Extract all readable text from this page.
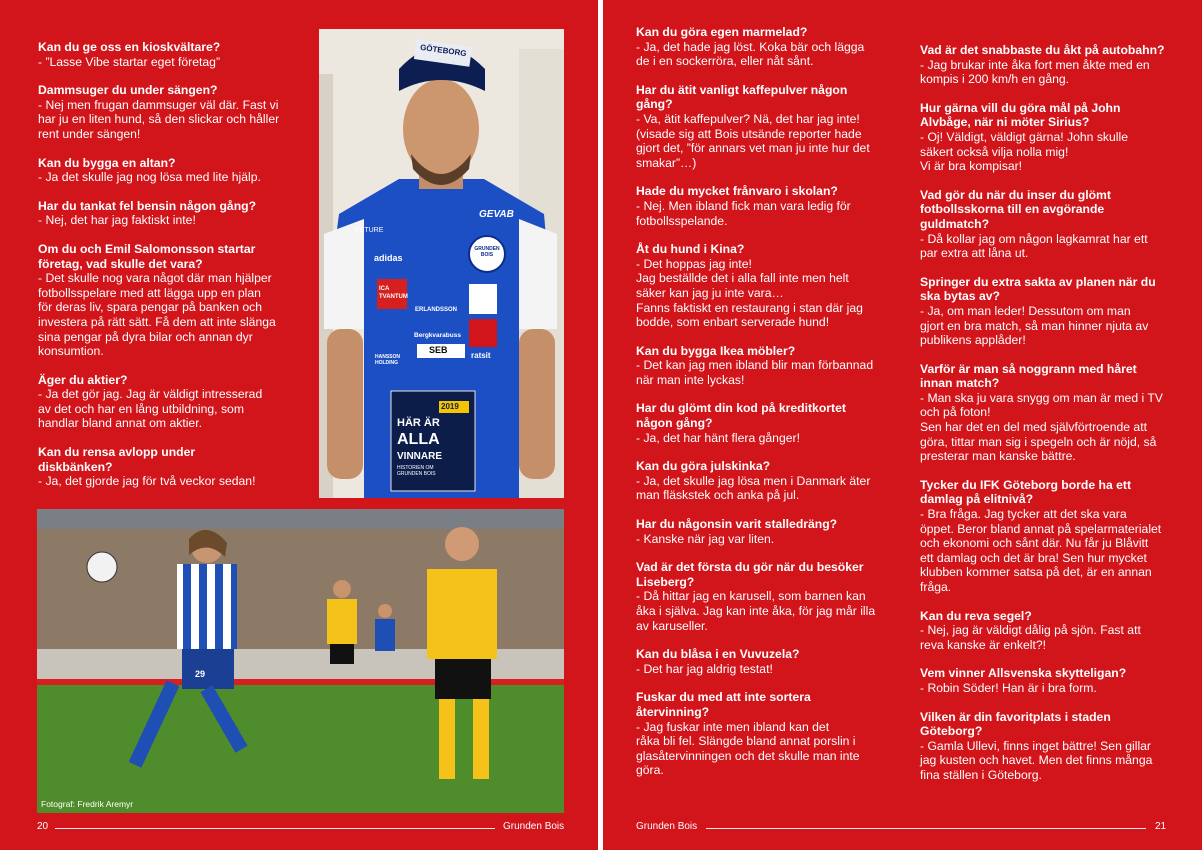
Kan du ge oss en kioskvältare?
- ”Lasse Vibe startar eget företag”
Dammsuger du under sängen?
- Nej men frugan dammsuger väl där. Fast vi
har ju en liten hund, så den slickar och håller
rent under sängen!
Kan du bygga en altan?
- Ja det skulle jag nog lösa med lite hjälp.
Har du tankat fel bensin någon gång?
- Nej, det har jag faktiskt inte!
Om du och Emil Salomonsson startar
företag, vad skulle det vara?
- Det skulle nog vara något där man hjälper
fotbollsspelare med att lägga upp en plan
för deras liv, spara pengar på banken och
investera på rätt sätt. Få dem att inte slänga
sina pengar på dyra bilar och annan dyr
konsumtion.
Äger du aktier?
- Ja det gör jag. Jag är väldigt intresserad
av det och har en lång utbildning, som
handlar bland annat om aktier.
Kan du rensa avlopp under
diskbänken?
- Ja, det gjorde jag för två veckor sedan!
GÖTEBORG
FUTURE
GEVAB
adidas
GRUNDEN
BOIS
ICA
TVANTUM
ERLANDSSON
HANSSON
HOLDING
Bergkvarabuss
SEB
ratsit
2019
HÄR ÄR
ALLA
VINNARE
HISTORIEN OM
GRUNDEN BOIS
29
Fotograf: Fredrik Aremyr
20	Grunden Bois
Kan du göra egen marmelad?
- Ja, det hade jag löst. Koka bär och lägga
de i en sockerröra, eller nåt sånt.
Har du ätit vanligt kaffepulver någon
gång?
- Va, ätit kaffepulver? Nä, det har jag inte!
(visade sig att Bois utsände reporter hade
gjort det, ”för annars vet man ju inte hur det
smakar”…)
Hade du mycket frånvaro i skolan?
- Nej. Men ibland fick man vara ledig för
fotbollsspelande.
Åt du hund i Kina?
- Det hoppas jag inte!
Jag beställde det i alla fall inte men helt
säker kan jag ju inte vara…
Fanns faktiskt en restaurang i stan där jag
bodde, som enbart serverade hund!
Kan du bygga Ikea möbler?
- Det kan jag men ibland blir man förbannad
när man inte lyckas!
Har du glömt din kod på kreditkortet
någon gång?
- Ja, det har hänt flera gånger!
Kan du göra julskinka?
- Ja, det skulle jag lösa men i Danmark äter
man fläskstek och anka på jul.
Har du någonsin varit stalledräng?
- Kanske när jag var liten.
Vad är det första du gör när du besöker
Liseberg?
- Då hittar jag en karusell, som barnen kan
åka i själva. Jag kan inte åka, för jag mår illa
av karuseller.
Kan du blåsa i en Vuvuzela?
- Det har jag aldrig testat!
Fuskar du med att inte sortera
återvinning?
- Jag fuskar inte men ibland kan det
råka bli fel. Slängde bland annat porslin i
glasåtervinningen och det skulle man inte
göra.
Vad är det snabbaste du åkt på autobahn?
- Jag brukar inte åka fort men åkte med en
kompis i 200 km/h en gång.
Hur gärna vill du göra mål på John
Alvbåge, när ni möter Sirius?
- Oj! Väldigt, väldigt gärna! John skulle
säkert också vilja nolla mig!
Vi är bra kompisar!
Vad gör du när du inser du glömt
fotbollsskorna till en avgörande
guldmatch?
- Då kollar jag om någon lagkamrat har ett
par extra att låna ut.
Springer du extra sakta av planen när du
ska bytas av?
- Ja, om man leder! Dessutom om man
gjort en bra match, så man hinner njuta av
publikens applåder!
Varför är man så noggrann med håret
innan match?
- Man ska ju vara snygg om man är med i TV
och på foton!
Sen har det en del med självförtroende att
göra, tittar man sig i spegeln och är nöjd, så
presterar man kanske bättre.
Tycker du IFK Göteborg borde ha ett
damlag på elitnivå?
- Bra fråga. Jag tycker att det ska vara
öppet. Beror bland annat på spelarmaterialet
och ekonomi och sånt där. Nu får ju Blåvitt
ett damlag och det är bra! Sen hur mycket
klubben kommer satsa på det, är en annan
fråga.
Kan du reva segel?
- Nej, jag är väldigt dålig på sjön. Fast att
reva kanske är enkelt?!
Vem vinner Allsvenska skytteligan?
- Robin Söder! Han är i bra form.
Vilken är din favoritplats i staden
Göteborg?
- Gamla Ullevi, finns inget bättre! Sen gillar
jag kusten och havet. Men det finns många
fina ställen i Göteborg.
Grunden Bois	21
